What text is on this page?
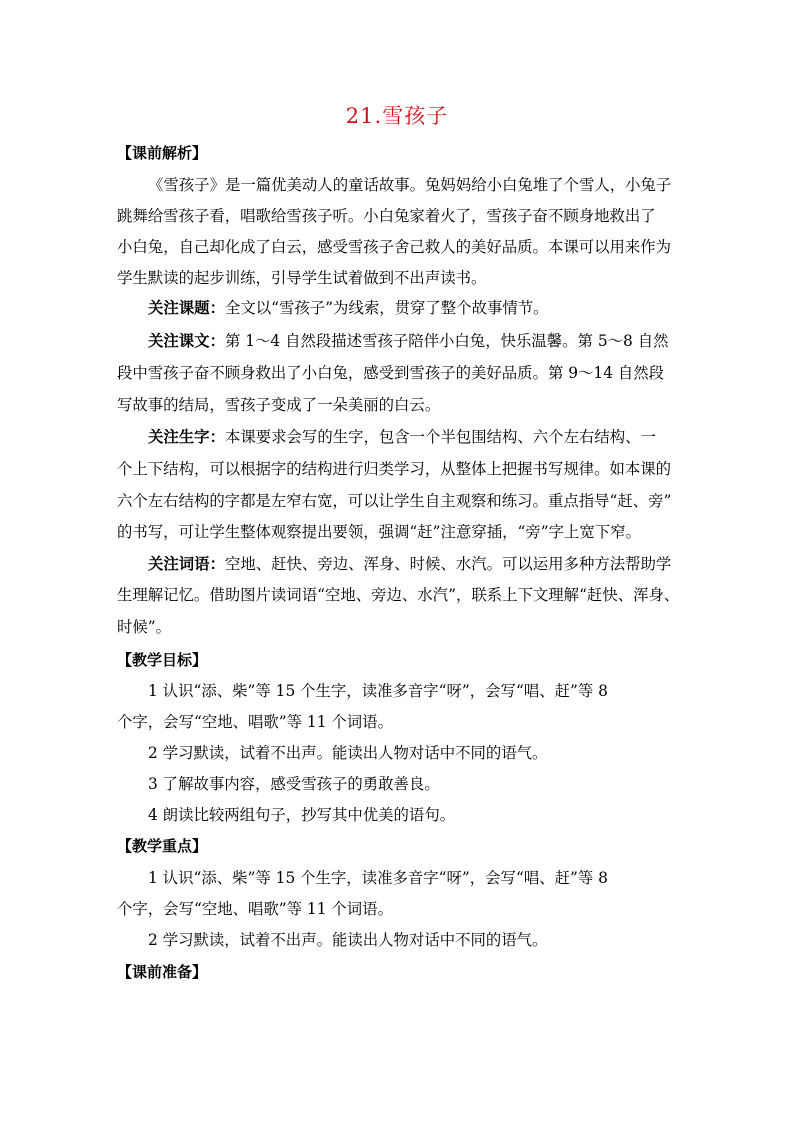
21.雪孩子
【课前解析】
《雪孩子》是一篇优美动人的童话故事。兔妈妈给小白兔堆了个雪人，小兔子
跳舞给雪孩子看，唱歌给雪孩子听。小白兔家着火了，雪孩子奋不顾身地救出了
小白兔，自己却化成了白云，感受雪孩子舍己救人的美好品质。本课可以用来作为
学生默读的起步训练，引导学生试着做到不出声读书。
关注课题：全文以“雪孩子”为线索，贯穿了整个故事情节。
关注课文：第 1～4 自然段描述雪孩子陪伴小白兔，快乐温馨。第 5～8 自然
段中雪孩子奋不顾身救出了小白兔，感受到雪孩子的美好品质。第 9～14 自然段
写故事的结局，雪孩子变成了一朵美丽的白云。
关注生字：本课要求会写的生字，包含一个半包围结构、六个左右结构、一
个上下结构，可以根据字的结构进行归类学习，从整体上把握书写规律。如本课的
六个左右结构的字都是左窄右宽，可以让学生自主观察和练习。重点指导“赶、旁”
的书写，可让学生整体观察提出要领，强调“赶”注意穿插，“旁”字上宽下窄。
关注词语：空地、赶快、旁边、浑身、时候、水汽。可以运用多种方法帮助学
生理解记忆。借助图片读词语“空地、旁边、水汽”，联系上下文理解“赶快、浑身、
时候”。
【教学目标】
1 认识“添、柴”等 15 个生字，读准多音字“呀”，会写“唱、赶”等 8
个字，会写“空地、唱歌”等 11 个词语。
2 学习默读，试着不出声。能读出人物对话中不同的语气。
3 了解故事内容，感受雪孩子的勇敢善良。
4 朗读比较两组句子，抄写其中优美的语句。
【教学重点】
1 认识“添、柴”等 15 个生字，读准多音字“呀”，会写“唱、赶”等 8
个字，会写“空地、唱歌”等 11 个词语。
2 学习默读，试着不出声。能读出人物对话中不同的语气。
【课前准备】
